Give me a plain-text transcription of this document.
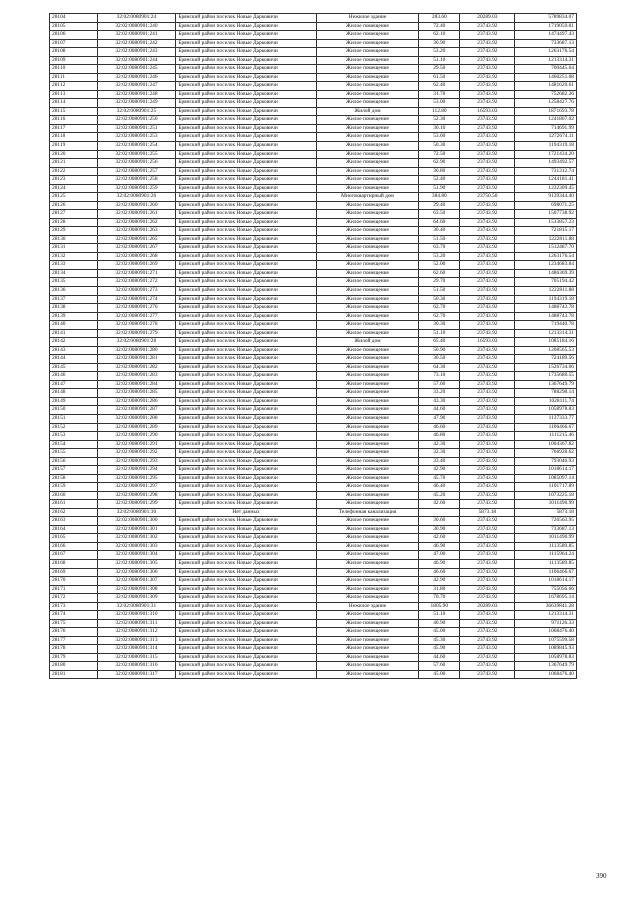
28104	32:02:0080901:24	Брянский район поселок Новые Дарковичи	Нежилое здание	283.60	20289.03	5789834.07
28105	32:02:0080901:240	Брянский район поселок Новые Дарковичи	Жилое помещение	72.40	23743.92	1719059.81
28106	32:02:0080901:241	Брянский район поселок Новые Дарковичи	Жилое помещение	62.10	23743.92	1474497.43
28107	32:02:0080901:242	Брянский район поселок Новые Дарковичи	Жилое помещение	30.90	23743.92	733687.13
28108	32:02:0080901:243	Брянский район поселок Новые Дарковичи	Жилое помещение	53.20	23743.92	1263176.54
28109	32:02:0080901:244	Брянский район поселок Новые Дарковичи	Жилое помещение	51.10	23743.92	1213314.31
28110	32:02:0080901:245	Брянский район поселок Новые Дарковичи	Жилое помещение	29.50	23743.92	700445.64
28111	32:02:0080901:246	Брянский район поселок Новые Дарковичи	Жилое помещение	61.50	23743.92	1460251.08
28112	32:02:0080901:247	Брянский район поселок Новые Дарковичи	Жилое помещение	62.40	23743.92	1481620.61
28113	32:02:0080901:248	Брянский район поселок Новые Дарковичи	Жилое помещение	31.70	23743.92	752682.26
28114	32:02:0080901:249	Брянский район поселок Новые Дарковичи	Жилое помещение	53.00	23743.92	1258427.76
28115	32:02:0080901:25	Брянский район поселок Новые Дарковичи	Жилой дом	112.80	16593.03	1871693.78
28116	32:02:0080901:250	Брянский район поселок Новые Дарковичи	Жилое помещение	52.30	23743.92	1241807.02
28117	32:02:0080901:251	Брянский район поселок Новые Дарковичи	Жилое помещение	30.10	23743.92	714691.99
28118	32:02:0080901:253	Брянский район поселок Новые Дарковичи	Жилое помещение	53.60	23743.92	1272674.11
28119	32:02:0080901:254	Брянский район поселок Новые Дарковичи	Жилое помещение	50.30	23743.92	1194319.18
28120	32:02:0080901:255	Брянский район поселок Новые Дарковичи	Жилое помещение	72.50	23743.92	1721434.20
28121	32:02:0080901:256	Брянский район поселок Новые Дарковичи	Жилое помещение	62.90	23743.92	1493492.57
28122	32:02:0080901:257	Брянский район поселок Новые Дарковичи	Жилое помещение	30.80	23743.92	731312.74
28123	32:02:0080901:258	Брянский район поселок Новые Дарковичи	Жилое помещение	52.40	23743.92	1244181.41
28124	32:02:0080901:259	Брянский район поселок Новые Дарковичи	Жилое помещение	51.90	23743.92	1232309.45
28125	32:02:0080901:26	Брянский район поселок Новые Дарковичи	Многоквартирный дом	384.80	23750.50	9139344.40
28126	32:02:0080901:260	Брянский район поселок Новые Дарковичи	Жилое помещение	29.40	23743.92	698071.25
28127	32:02:0080901:261	Брянский район поселок Новые Дарковичи	Жилое помещение	63.50	23743.92	1507738.92
28128	32:02:0080901:262	Брянский район поселок Новые Дарковичи	Жилое помещение	64.60	23743.92	1533857.23
28129	32:02:0080901:263	Брянский район поселок Новые Дарковичи	Жилое помещение	30.40	23743.92	721815.17
28130	32:02:0080901:265	Брянский район поселок Новые Дарковичи	Жилое помещение	51.50	23743.92	1222811.88
28131	32:02:0080901:267	Брянский район поселок Новые Дарковичи	Жилое помещение	63.70	23743.92	1512487.70
28132	32:02:0080901:268	Брянский район поселок Новые Дарковичи	Жилое помещение	53.20	23743.92	1263176.54
28133	32:02:0080901:269	Брянский район поселок Новые Дарковичи	Жилое помещение	52.00	23743.92	1234683.84
28134	32:02:0080901:271	Брянский район поселок Новые Дарковичи	Жилое помещение	62.60	23743.92	1486369.39
28135	32:02:0080901:272	Брянский район поселок Новые Дарковичи	Жилое помещение	29.70	23743.92	705194.42
28136	32:02:0080901:273	Брянский район поселок Новые Дарковичи	Жилое помещение	51.50	23743.92	1222811.88
28137	32:02:0080901:274	Брянский район поселок Новые Дарковичи	Жилое помещение	50.30	23743.92	1194319.18
28138	32:02:0080901:276	Брянский район поселок Новые Дарковичи	Жилое помещение	62.70	23743.92	1488743.78
28139	32:02:0080901:277	Брянский район поселок Новые Дарковичи	Жилое помещение	62.70	23743.92	1488743.78
28140	32:02:0080901:278	Брянский район поселок Новые Дарковичи	Жилое помещение	30.30	23743.92	719440.78
28141	32:02:0080901:279	Брянский район поселок Новые Дарковичи	Жилое помещение	51.10	23743.92	1213314.31
28142	32:02:0080901:28	Брянский район поселок Новые Дарковичи	Жилой дом	65.40	16593.03	1085184.16
28143	32:02:0080901:280	Брянский район поселок Новые Дарковичи	Жилое помещение	50.90	23743.92	1208565.53
28144	32:02:0080901:281	Брянский район поселок Новые Дарковичи	Жилое помещение	30.50	23743.92	724189.56
28145	32:02:0080901:282	Брянский район поселок Новые Дарковичи	Жилое помещение	64.30	23743.92	1526734.06
28146	32:02:0080901:283	Брянский район поселок Новые Дарковичи	Жилое помещение	73.10	23743.92	1735680.55
28147	32:02:0080901:284	Брянский район поселок Новые Дарковичи	Жилое помещение	57.60	23743.92	1367649.79
28148	32:02:0080901:285	Брянский район поселок Новые Дарковичи	Жилое помещение	33.20	23743.92	788298.14
28149	32:02:0080901:286	Брянский район поселок Новые Дарковичи	Жилое помещение	43.30	23743.92	1028111.74
28150	32:02:0080901:287	Брянский район поселок Новые Дарковичи	Жилое помещение	44.60	23743.92	1058978.83
28151	32:02:0080901:288	Брянский район поселок Новые Дарковичи	Жилое помещение	47.90	23743.92	1137333.77
28152	32:02:0080901:289	Брянский район поселок Новые Дарковичи	Жилое помещение	46.60	23743.92	1106466.67
28153	32:02:0080901:290	Брянский район поселок Новые Дарковичи	Жилое помещение	46.80	23743.92	1111215.46
28154	32:02:0080901:291	Брянский район поселок Новые Дарковичи	Жилое помещение	42.30	23743.92	1004367.82
28155	32:02:0080901:292	Брянский район поселок Новые Дарковичи	Жилое помещение	32.30	23743.92	766928.62
28156	32:02:0080901:293	Брянский район поселок Новые Дарковичи	Жилое помещение	33.40	23743.92	793046.93
28157	32:02:0080901:294	Брянский район поселок Новые Дарковичи	Жилое помещение	42.90	23743.92	1018614.17
28158	32:02:0080901:295	Брянский район поселок Новые Дарковичи	Жилое помещение	45.70	23743.92	1085097.14
28159	32:02:0080901:297	Брянский район поселок Новые Дарковичи	Жилое помещение	46.40	23743.92	1101717.89
28160	32:02:0080901:298	Брянский район поселок Новые Дарковичи	Жилое помещение	45.20	23743.92	1073225.18
28161	32:02:0080901:299	Брянский район поселок Новые Дарковичи	Жилое помещение	42.60	23743.92	1011490.99
28162	32:02:0080901:30	Нет данных	Телефонная канализация		5873.18	5873.18
28163	32:02:0080901:300	Брянский район поселок Новые Дарковичи	Жилое помещение	30.60	23743.92	726563.95
28164	32:02:0080901:301	Брянский район поселок Новые Дарковичи	Жилое помещение	30.90	23743.92	733687.13
28165	32:02:0080901:302	Брянский район поселок Новые Дарковичи	Жилое помещение	42.60	23743.92	1011490.99
28166	32:02:0080901:303	Брянский район поселок Новые Дарковичи	Жилое помещение	46.90	23743.92	1113589.85
28167	32:02:0080901:304	Брянский район поселок Новые Дарковичи	Жилое помещение	47.00	23743.92	1115964.24
28168	32:02:0080901:305	Брянский район поселок Новые Дарковичи	Жилое помещение	46.90	23743.92	1113589.85
28169	32:02:0080901:306	Брянский район поселок Новые Дарковичи	Жилое помещение	46.60	23743.92	1106466.67
28170	32:02:0080901:307	Брянский район поселок Новые Дарковичи	Жилое помещение	42.90	23743.92	1018614.17
28171	32:02:0080901:308	Брянский район поселок Новые Дарковичи	Жилое помещение	31.80	23743.92	755056.66
28172	32:02:0080901:309	Брянский район поселок Новые Дарковичи	Жилое помещение	70.70	23743.92	1678695.14
28173	32:02:0080901:31	Брянский район поселок Новые Дарковичи	Нежилое здание	1805.90	20289.03	36639841.28
28174	32:02:0080901:310	Брянский район поселок Новые Дарковичи	Жилое помещение	51.10	23743.92	1213314.31
28175	32:02:0080901:311	Брянский район поселок Новые Дарковичи	Жилое помещение	40.90	23743.92	971126.33
28176	32:02:0080901:312	Брянский район поселок Новые Дарковичи	Жилое помещение	45.00	23743.92	1068476.40
28177	32:02:0080901:313	Брянский район поселок Новые Дарковичи	Жилое помещение	45.30	23743.92	1075599.58
28178	32:02:0080901:314	Брянский район поселок Новые Дарковичи	Жилое помещение	45.90	23743.92	1089845.93
28179	32:02:0080901:315	Брянский район поселок Новые Дарковичи	Жилое помещение	44.60	23743.92	1058978.83
28180	32:02:0080901:316	Брянский район поселок Новые Дарковичи	Жилое помещение	57.60	23743.92	1367649.79
28181	32:02:0080901:317	Брянский район поселок Новые Дарковичи	Жилое помещение	45.00	23743.92	1068476.40
390
